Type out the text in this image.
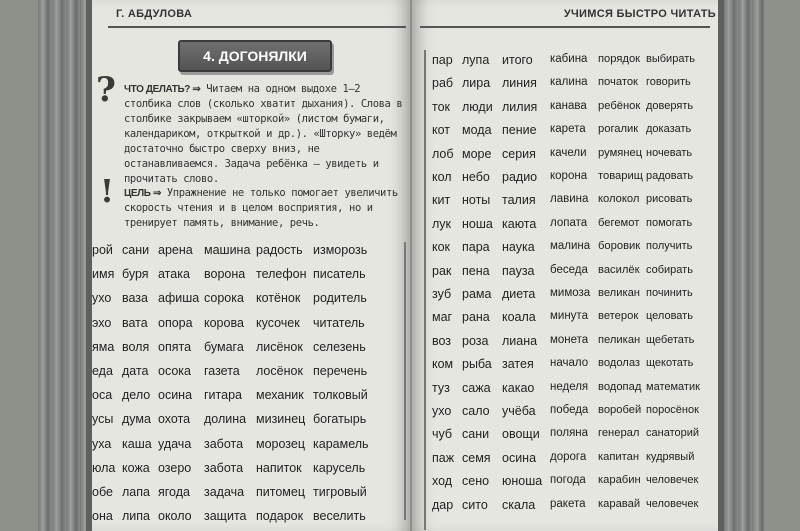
Г. АБДУЛОВА
4. ДОГОНЯЛКИ
? ЧТО ДЕЛАТЬ? ⇒ Читаем на одном выдохе 1–2 столбика слов (сколько хватит дыхания). Слова в столбике закрываем «шторкой» (листом бумаги, календариком, открыткой и др.). «Шторку» ведём достаточно быстро сверху вниз, не останавливаемся. Задача ребёнка — увидеть и прочитать слово.
! ЦЕЛЬ ⇒ Упражнение не только помогает увеличить скорость чтения и в целом восприятия, но и тренирует память, внимание, речь.
рой сани арена машина радость изморозь
имя буря атака ворона телефон писатель
ухо ваза афиша сорока котёнок родитель
эхо вата опора корова кусочек читатель
яма воля опята бумага лисёнок селезень
еда дата осока газета лосёнок перечень
оса дело осина гитара механик толковый
усы дума охота долина мизинец богатырь
уха каша удача забота морозец карамель
юла кожа озеро забота напиток карусель
обе лапа ягода задача питомец тигровый
она липа около защита подарок веселить
УЧИМСЯ БЫСТРО ЧИТАТЬ
пар лупа итого кабина порядок выбирать
раб лира линия калина початок говорить
ток люди лилия канава ребёнок доверять
кот мода пение карета рогалик доказать
лоб море серия качели румянец ночевать
кол небо радио корона товарищ радовать
кит ноты талия лавина колокол рисовать
лук ноша каюта лопата бегемот помогать
кок пара наука малина боровик получить
рак пена пауза беседа василёк собирать
зуб рама диета мимоза великан починить
маг рана коала минута ветерок целовать
воз роза лиана монета пеликан щебетать
ком рыба затея начало водолаз щекотать
туз сажа какао неделя водопад математик
ухо сало учёба победа воробей поросёнок
чуб сани овощи поляна генерал санаторий
паж семя осина дорога капитан кудрявый
ход сено юноша погода карабин человечек
дар сито скала ракета каравай человечек
